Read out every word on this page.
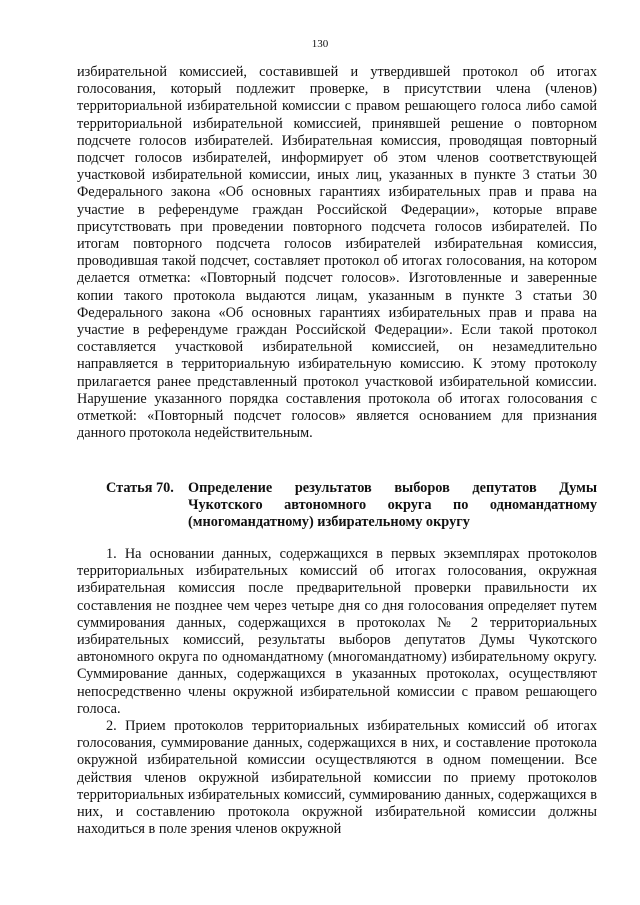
130

избирательной комиссией, составившей и утвердившей протокол об итогах голосования, который подлежит проверке, в присутствии члена (членов) территориальной избирательной комиссии с правом решающего голоса либо самой территориальной избирательной комиссией, принявшей решение о повторном подсчете голосов избирателей. Избирательная комиссия, проводящая повторный подсчет голосов избирателей, информирует об этом членов соответствующей участковой избирательной комиссии, иных лиц, указанных в пункте 3 статьи 30 Федерального закона «Об основных гарантиях избирательных прав и права на участие в референдуме граждан Российской Федерации», которые вправе присутствовать при проведении повторного подсчета голосов избирателей. По итогам повторного подсчета голосов избирателей избирательная комиссия, проводившая такой подсчет, составляет протокол об итогах голосования, на котором делается отметка: «Повторный подсчет голосов». Изготовленные и заверенные копии такого протокола выдаются лицам, указанным в пункте 3 статьи 30 Федерального закона «Об основных гарантиях избирательных прав и права на участие в референдуме граждан Российской Федерации». Если такой протокол составляется участковой избирательной комиссией, он незамедлительно направляется в территориальную избирательную комиссию. К этому протоколу прилагается ранее представленный протокол участковой избирательной комиссии. Нарушение указанного порядка составления протокола об итогах голосования с отметкой: «Повторный подсчет голосов» является основанием для признания данного протокола недействительным.

Статья 70. Определение результатов выборов депутатов Думы Чукотского автономного округа по одномандатному (многомандатному) избирательному округу

1. На основании данных, содержащихся в первых экземплярах протоколов территориальных избирательных комиссий об итогах голосования, окружная избирательная комиссия после предварительной проверки правильности их составления не позднее чем через четыре дня со дня голосования определяет путем суммирования данных, содержащихся в протоколах № 2 территориальных избирательных комиссий, результаты выборов депутатов Думы Чукотского автономного округа по одномандатному (многомандатному) избирательному округу. Суммирование данных, содержащихся в указанных протоколах, осуществляют непосредственно члены окружной избирательной комиссии с правом решающего голоса.

2. Прием протоколов территориальных избирательных комиссий об итогах голосования, суммирование данных, содержащихся в них, и составление протокола окружной избирательной комиссии осуществляются в одном помещении. Все действия членов окружной избирательной комиссии по приему протоколов территориальных избирательных комиссий, суммированию данных, содержащихся в них, и составлению протокола окружной избирательной комиссии должны находиться в поле зрения членов окружной
